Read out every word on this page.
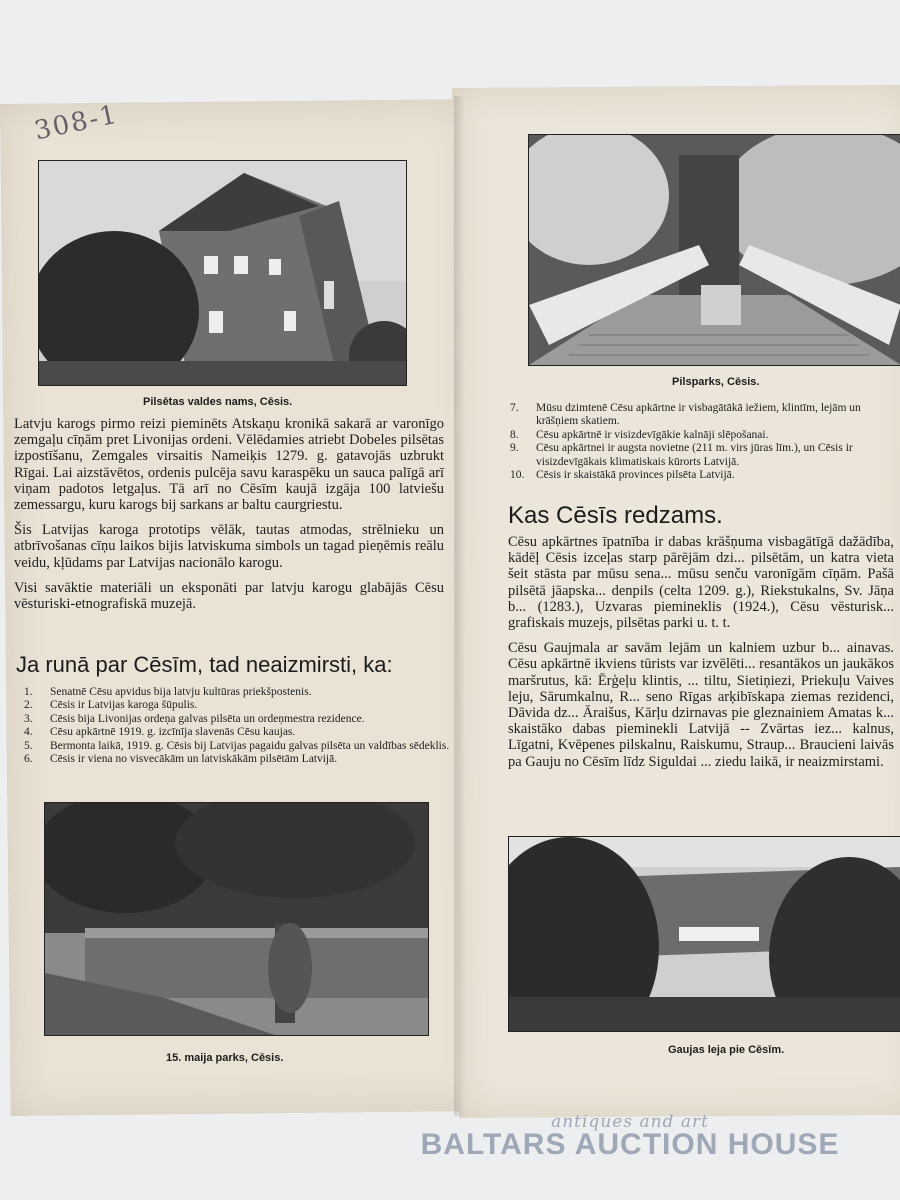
308-1
Pilsētas valdes nams, Cēsis.

Latvju karogs pirmo reizi pieminēts Atskaņu kronikā sakarā ar varonīgo zemgaļu cīņām pret Livonijas ordeni. Vēlēdamies atriebt Dobeles pilsētas izpostīšanu, Zemgales virsaitis Nameiķis 1279. g. gatavojās uzbrukt Rīgai. Lai aizstāvētos, ordenis pulcēja savu karaspēku un sauca palīgā arī viņam padotos letgaļus. Tā arī no Cēsīm kaujā izgāja 100 latviešu zemessargu, kuru karogs bij sarkans ar baltu caurgriestu.

Šis Latvijas karoga prototips vēlāk, tautas atmodas, strēlnieku un atbrīvošanas cīņu laikos bijis latviskuma simbols un tagad pieņēmis reālu veidu, kļūdams par Latvijas nacionālo karogu.

Visi savāktie materiāli un eksponāti par latvju karogu glabājās Cēsu vēsturiski-etnografiskā muzejā.

Ja runā par Cēsīm, tad neaizmirsti, ka:
1.	Senatnē Cēsu apvidus bija latvju kultūras priekšpostenis.
2.	Cēsis ir Latvijas karoga šūpulis.
3.	Cēsis bija Livonijas ordeņa galvas pilsēta un ordeņmestra rezidence.
4.	Cēsu apkārtnē 1919. g. izcīnīja slavenās Cēsu kaujas.
5.	Bermonta laikā, 1919. g. Cēsis bij Latvijas pagaidu galvas pilsēta un valdības sēdeklis.
6.	Cēsis ir viena no visvecākām un latviskākām pilsētām Latvijā.
15. maija parks, Cēsis.
Pilsparks, Cēsis.
7.	Mūsu dzimtenē Cēsu apkārtne ir visbagātākā iežiem, klintīm, lejām un krāšņiem skatiem.
8.	Cēsu apkārtnē ir visizdevīgākie kalnāji slēpošanai.
9.	Cēsu apkārtnei ir augsta novietne (211 m. virs jūras līm.), un Cēsis ir visizdevīgākais klimatiskais kūrorts Latvijā.
10.	Cēsis ir skaistākā provinces pilsēta Latvijā.
Kas Cēsīs redzams.

Cēsu apkārtnes īpatnība ir dabas krāšņuma visbagātīgā dažādība, kādēļ Cēsis izceļas starp pārējām dzi... pilsētām, un katra vieta šeit stāsta par mūsu sena... mūsu senču varonīgām cīņām. Pašā pilsētā jāapska... denpils (celta 1209. g.), Riekstukalns, Sv. Jāņa b... (1283.), Uzvaras piemineklis (1924.), Cēsu vēsturisk... grafiskais muzejs, pilsētas parki u. t. t.

Cēsu Gaujmala ar savām lejām un kalniem uzbur b... ainavas. Cēsu apkārtnē ikviens tūrists var izvēlēti... resantākos un jaukākos maršrutus, kā: Ērģeļu klintis, ... tiltu, Sietiņiezi, Priekuļu Vaives leju, Sārumkalnu, R... seno Rīgas arķibīskapa ziemas rezidenci, Dāvida dz... Āraišus, Kārļu dzirnavas pie gleznainiem Amatas k... skaistāko dabas pieminekli Latvijā -- Zvārtas iez... kalnus, Līgatni, Kvēpenes pilskalnu, Raiskumu, Straup... Braucieni laivās pa Gauju no Cēsīm līdz Siguldai ... ziedu laikā, ir neaizmirstami.

Gaujas leja pie Cēsīm.
antiques and art
BALTARS AUCTION HOUSE
